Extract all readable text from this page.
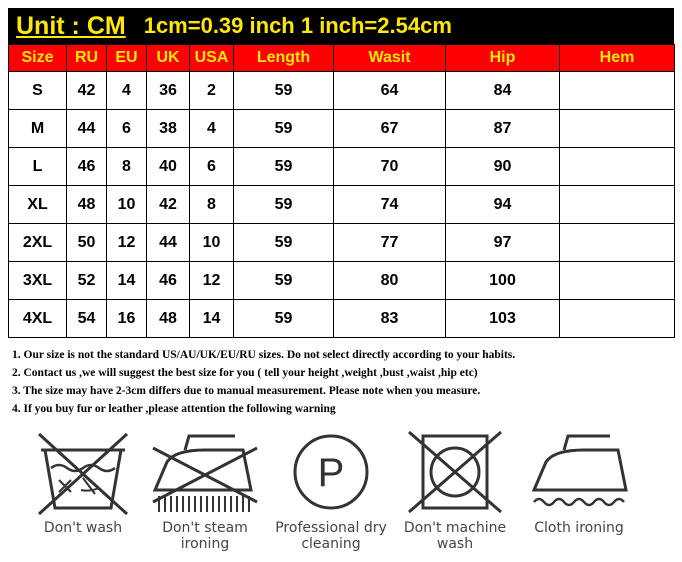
Unit : CM 1cm=0.39 inch 1 inch=2.54cm
Size	RU	EU	UK	USA	Length	Wasit	Hip	Hem
S	42	4	36	2	59	64	84	
M	44	6	38	4	59	67	87	
L	46	8	40	6	59	70	90	
XL	48	10	42	8	59	74	94	
2XL	50	12	44	10	59	77	97	
3XL	52	14	46	12	59	80	100	
4XL	54	16	48	14	59	83	103	
1. Our size is not the standard US/AU/UK/EU/RU sizes. Do not select directly according to your habits.
2. Contact us ,we will suggest the best size for you ( tell your height ,weight ,bust ,waist ,hip etc)
3. The size may have 2-3cm differs due to manual measurement. Please note when you measure.
4. If you buy fur or leather ,please attention the following warning
Don't wash	Don't steam ironing
P
Professional dry cleaning
Don't machine wash
Cloth ironing
